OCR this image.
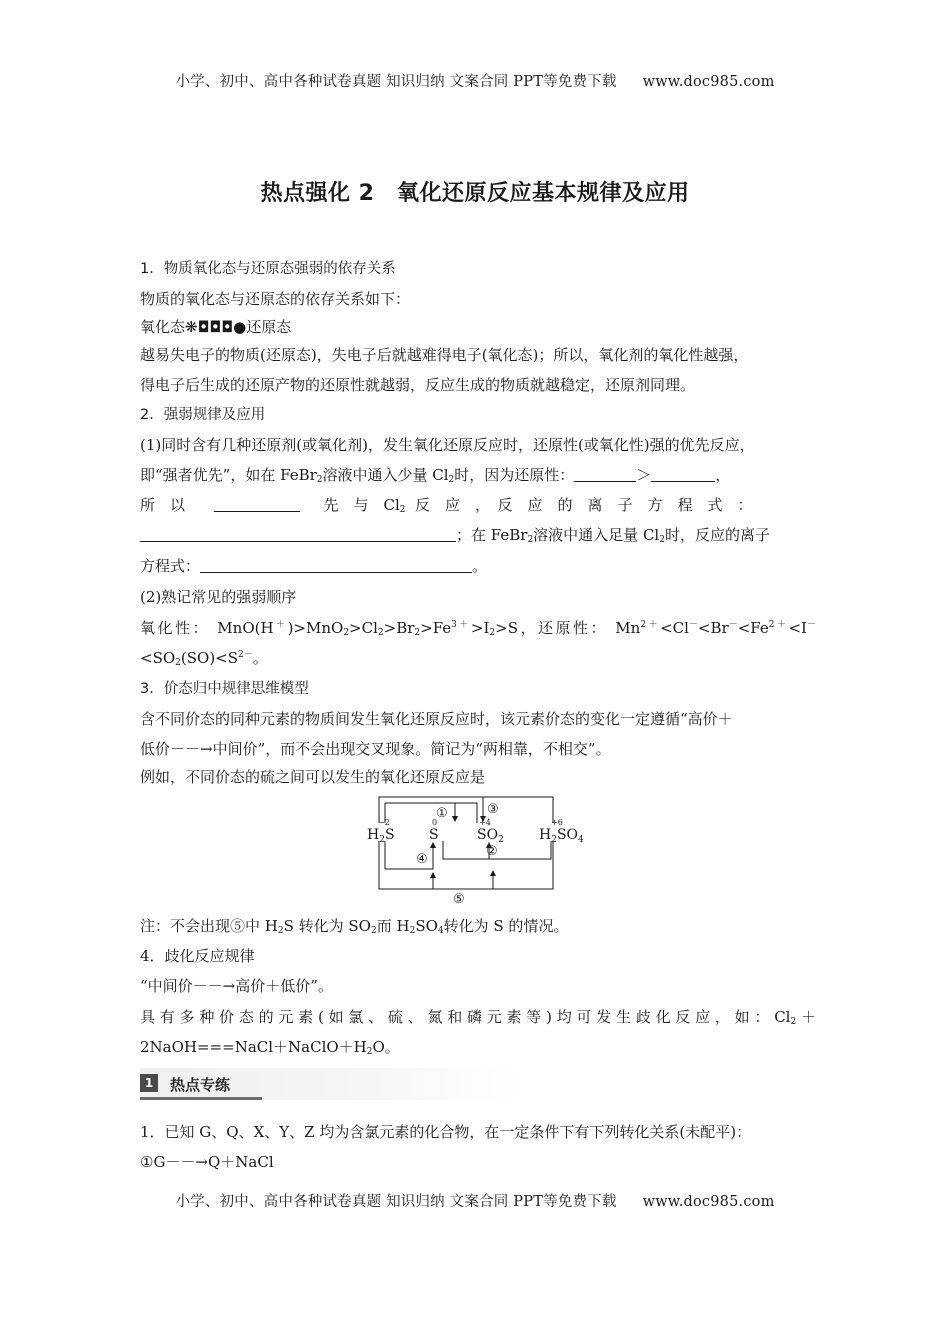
小学、初中、高中各种试卷真题 知识归纳 文案合同 PPT等免费下载 www.doc985.com
热点强化 2　氧化还原反应基本规律及应用
1．物质氧化态与还原态强弱的依存关系
物质的氧化态与还原态的依存关系如下：
氧化态❋◘◘◘●还原态
越易失电子的物质(还原态)，失电子后就越难得电子(氧化态)；所以，氧化剂的氧化性越强，
得电子后生成的还原产物的还原性就越弱，反应生成的物质就越稳定，还原剂同理。
2．强弱规律及应用
(1)同时含有几种还原剂(或氧化剂)，发生氧化还原反应时，还原性(或氧化性)强的优先反应，
即“强者优先”，如在 FeBr$_2$溶液中通入少量 $Cl_2$时，因为还原性：	＞	，
所　以	先　与　$Cl_2$ 反　应　，　反　应　的　离　子　方　程　式　：
；在 FeBr$_2$溶液中通入足量 $Cl_2$时，反应的离子
方程式：	。
(2)熟记常见的强弱顺序
氧化性： $MnO(H^+)>MnO_2>Cl_2>Br_2>Fe^{3+}>I_2>S$，还原性： $Mn^{2+}<Cl^-<Br^-<Fe^{2+}<I^-$
$<SO_2(SO)<S^{2-}$。
3．价态归中规律思维模型
含不同价态的同种元素的物质间发生氧化还原反应时，该元素价态的变化一定遵循“高价＋
低价－－→中间价”，而不会出现交叉现象。简记为“两相靠，不相交”。
例如，不同价态的硫之间可以发生的氧化还原反应是
$H_2S$ S	$SO_2$	$H_2SO_4$
−2	0	+4	+6
①	③
②
④
⑤
注：不会出现⑤中 $H_2S$ 转化为 $SO_2$而 $H_2SO_4$转化为 S 的情况。
4．歧化反应规律
“中间价－－→高价＋低价”。
具有多种价态的元素(如氯、硫、氮和磷元素等)均可发生歧化反应，如：$Cl_2+$
$2NaOH===NaCl+NaClO+H_2O$。
1	热点专练
1．已知 G、Q、X、Y、Z 均为含氯元素的化合物，在一定条件下有下列转化关系(未配平)：
①G－－→Q＋NaCl
小学、初中、高中各种试卷真题 知识归纳 文案合同 PPT等免费下载 www.doc985.com
